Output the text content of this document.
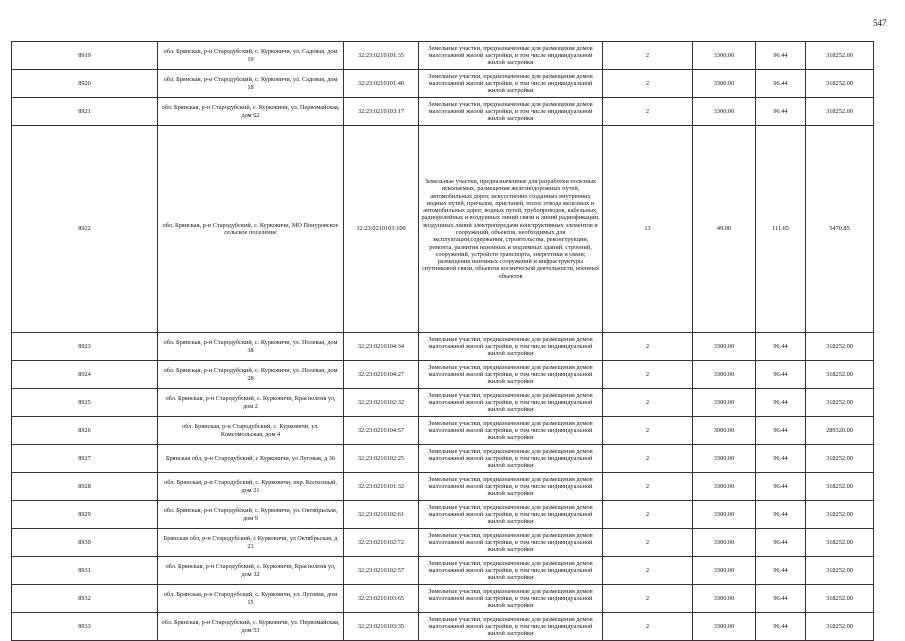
547
8919	обл. Брянская, р-н Стародубский, с. Курковичи, ул. Садовая, дом 19	32:23:0210101:35	Земельные участки, предназначенные для размещения домов малоэтажной жилой застройки, в том числе индивидуальной жилой застройки	2	3300.00	96.44	318252.00
8920	обл. Брянская, р-н Стародубский, с. Курковичи, ул. Садовая, дом 18	32:23:0210101:40	Земельные участки, предназначенные для размещения домов малоэтажной жилой застройки, в том числе индивидуальной жилой застройки	2	3300.00	96.44	318252.00
8921	обл. Брянская, р-н Стародубский, с. Курковичи, ул. Первомайская, дом 62	32:23:0210103:17	Земельные участки, предназначенные для размещения домов малоэтажной жилой застройки, в том числе индивидуальной жилой застройки	2	3300.00	96.44	318252.00
8922	обл. Брянская, р-н Стародубский, с. Курковичи, МО Понуровское сельское поселение	32:23:0210103:100	Земельные участки, предназначенные для разработки полезных ископаемых, размещения железнодорожных путей, автомобильных дорог, искусственно созданных внутренних водных путей, причалов, пристаней, полос отвода железных и автомобильных дорог, водных путей, трубопроводов, кабельных, радиорелейных и воздушных линий связи и линий радиофикации, воздушных линий электропередачи конструктивных элементов и сооружений, объектов, необходимых для эксплуатации,содержания, строительства, реконструкции, ремонта, развития наземных и подземных зданий, строений, сооружений, устройств транспорта, энергетики и связи; размещения наземных сооружений и инфраструктуры спутниковой связи, объектов космической деятельности, военных объектов	13	49.00	111.65	5470.85
8923	обл. Брянская, р-н Стародубский, с. Курковичи, ул. Полевая, дом 38	32:23:0210104:34	Земельные участки, предназначенные для размещения домов малоэтажной жилой застройки, в том числе индивидуальной жилой застройки	2	3300.00	96.44	318252.00
8924	обл. Брянская, р-н Стародубский, с. Курковичи, ул. Полевая, дом 28	32:23:0210104:27	Земельные участки, предназначенные для размещения домов малоэтажной жилой застройки, в том числе индивидуальной жилой застройки	2	3300.00	96.44	318252.00
8925	обл. Брянская, р-н Стародубский, с. Курковичи, Красноленя ул, дом 2	32:23:0210102:32	Земельные участки, предназначенные для размещения домов малоэтажной жилой застройки, в том числе индивидуальной жилой застройки	2	3300.00	96.44	318252.00
8926	обл. Брянская, р-н Стародубский, с. Курковичи, ул. Комсомольская, дом 4	32:23:0210104:57	Земельные участки, предназначенные для размещения домов малоэтажной жилой застройки, в том числе индивидуальной жилой застройки	2	3000.00	96.44	289320.00
8927	Брянская обл, р-н Стародубский, с Курковичи, ул Луговая, д 36	32:23:0210102:25	Земельные участки, предназначенные для размещения домов малоэтажной жилой застройки, в том числе индивидуальной жилой застройки	2	3300.00	96.44	318252.00
8928	обл. Брянская, р-н Стародубский, с. Курковичи, пер. Колхозный, дом 21	32:23:0210101:32	Земельные участки, предназначенные для размещения домов малоэтажной жилой застройки, в том числе индивидуальной жилой застройки	2	3300.00	96.44	318252.00
8929	обл. Брянская, р-н Стародубский, с. Курковичи, ул. Октябрьская, дом 9	32:23:0210102:61	Земельные участки, предназначенные для размещения домов малоэтажной жилой застройки, в том числе индивидуальной жилой застройки	2	3300.00	96.44	318252.00
8930	Брянская обл, р-н Стародубский, с Курковичи, ул Октябрьская, д 23	32:23:0210102:72	Земельные участки, предназначенные для размещения домов малоэтажной жилой застройки, в том числе индивидуальной жилой застройки	2	3300.00	96.44	318252.00
8931	обл. Брянская, р-н Стародубский, с. Курковичи, Красноленя ул, дом 32	32:23:0210102:57	Земельные участки, предназначенные для размещения домов малоэтажной жилой застройки, в том числе индивидуальной жилой застройки	2	3300.00	96.44	318252.00
8932	обл. Брянская, р-н Стародубский, с. Курковичи, ул. Луговая, дом 15	32:23:0210103:65	Земельные участки, предназначенные для размещения домов малоэтажной жилой застройки, в том числе индивидуальной жилой застройки	2	3300.00	96.44	318252.00
8933	обл. Брянская, р-н Стародубский, с. Курковичи, ул. Первомайская, дом 53	32:23:0210103:35	Земельные участки, предназначенные для размещения домов малоэтажной жилой застройки, в том числе индивидуальной жилой застройки	2	3300.00	96.44	318252.00
